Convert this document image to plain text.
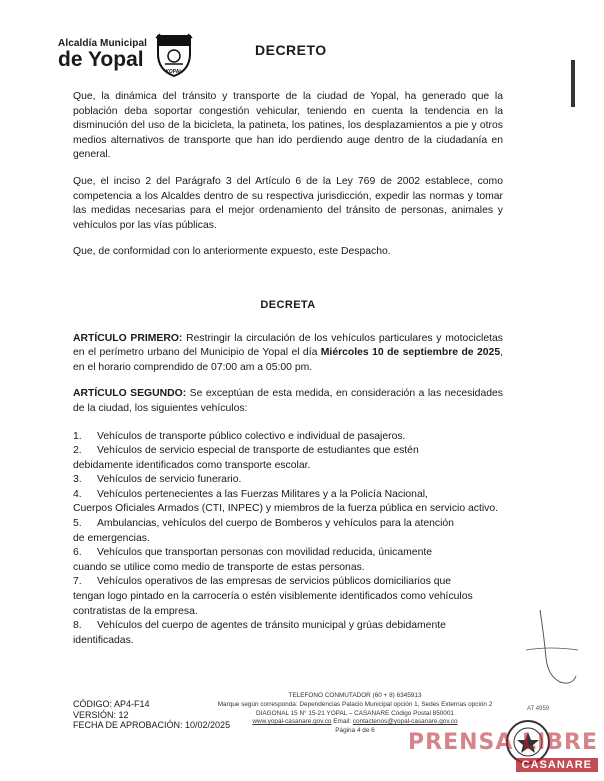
Alcaldía Municipal
de Yopal
YOPAL
DECRETO

Que, la dinámica del tránsito y transporte de la ciudad de Yopal, ha generado que la población deba soportar congestión vehicular, teniendo en cuenta la tendencia en la disminución del uso de la bicicleta, la patineta, los patines, los desplazamientos a pie y otros medios alternativos de transporte que han ido perdiendo auge dentro de la ciudadanía en general.

Que, el inciso 2 del Parágrafo 3 del Artículo 6 de la Ley 769 de 2002 establece, como competencia a los Alcaldes dentro de su respectiva jurisdicción, expedir las normas y tomar las medidas necesarias para el mejor ordenamiento del tránsito de personas, animales y vehículos por las vías públicas.

Que, de conformidad con lo anteriormente expuesto, este Despacho.

DECRETA

ARTÍCULO PRIMERO: Restringir la circulación de los vehículos particulares y motocicletas en el perímetro urbano del Municipio de Yopal el día Miércoles 10 de septiembre de 2025, en el horario comprendido de 07:00 am a 05:00 pm.

ARTÍCULO SEGUNDO: Se exceptúan de esta medida, en consideración a las necesidades de la ciudad, los siguientes vehículos:

1.	Vehículos de transporte público colectivo e individual de pasajeros.
2.	Vehículos de servicio especial de transporte de estudiantes que estén
debidamente identificados como transporte escolar.
3.	Vehículos de servicio funerario.
4.	Vehículos pertenecientes a las Fuerzas Militares y a la Policía Nacional,
Cuerpos Oficiales Armados (CTI, INPEC) y miembros de la fuerza pública en servicio activo.
5.	Ambulancias, vehículos del cuerpo de Bomberos y vehículos para la atención
de emergencias.
6.	Vehículos que transportan personas con movilidad reducida, únicamente
cuando se utilice como medio de transporte de estas personas.
7.	Vehículos operativos de las empresas de servicios públicos domiciliarios que
tengan logo pintado en la carrocería o estén visiblemente identificados como vehículos contratistas de la empresa.
8.	Vehículos del cuerpo de agentes de tránsito municipal y grúas debidamente
identificadas.
CÓDIGO: AP4-F14
VERSIÓN: 12
FECHA DE APROBACIÓN: 10/02/2025
TELEFONO CONMUTADOR (60 + 8) 6345913
Marque según corresponda: Dependencias Palacio Municipal opción 1, Sedes Externas opción 2
DIAGONAL 15 N° 15-21 YOPAL – CASANARE Código Postal 850001
www.yopal-casanare.gov.co Email: contactenos@yopal-casanare.gov.co
Página 4 de 6
AT 4959
PRENSA LIBRE
CASANARE
